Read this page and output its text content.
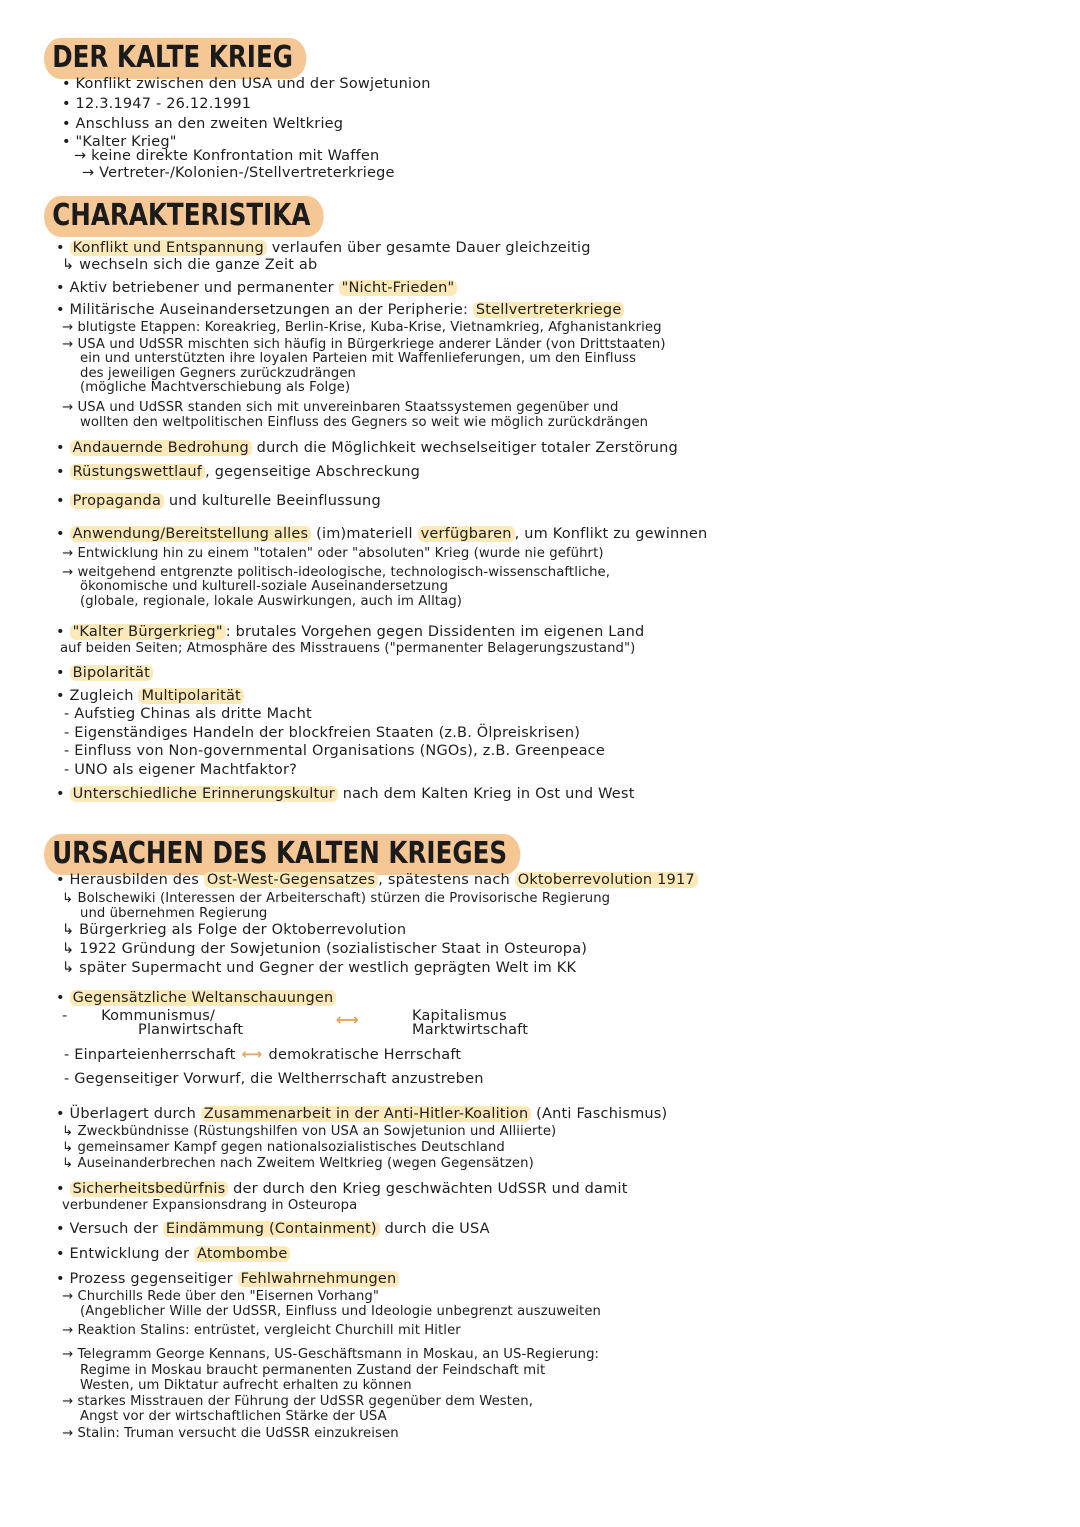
DER KALTE KRIEG
• Konflikt zwischen den USA und der Sowjetunion
• 12.3.1947 - 26.12.1991
• Anschluss an den zweiten Weltkrieg
• "Kalter Krieg"
→ keine direkte Konfrontation mit Waffen
→ Vertreter-/Kolonien-/Stellvertreterkriege
CHARAKTERISTIKA
• Konflikt und Entspannung verlaufen über gesamte Dauer gleichzeitig
↳ wechseln sich die ganze Zeit ab
• Aktiv betriebener und permanenter "Nicht-Frieden"
• Militärische Auseinandersetzungen an der Peripherie: Stellvertreterkriege
→ blutigste Etappen: Koreakrieg, Berlin-Krise, Kuba-Krise, Vietnamkrieg, Afghanistankrieg
→ USA und UdSSR mischten sich häufig in Bürgerkriege anderer Länder (von Drittstaaten)
ein und unterstützten ihre loyalen Parteien mit Waffenlieferungen, um den Einfluss
des jeweiligen Gegners zurückzudrängen
(mögliche Machtverschiebung als Folge)
→ USA und UdSSR standen sich mit unvereinbaren Staatssystemen gegenüber und
wollten den weltpolitischen Einfluss des Gegners so weit wie möglich zurückdrängen
• Andauernde Bedrohung durch die Möglichkeit wechselseitiger totaler Zerstörung
• Rüstungswettlauf , gegenseitige Abschreckung
• Propaganda und kulturelle Beeinflussung
• Anwendung/Bereitstellung alles (im)materiell verfügbaren , um Konflikt zu gewinnen
→ Entwicklung hin zu einem "totalen" oder "absoluten" Krieg (wurde nie geführt)
→ weitgehend entgrenzte politisch-ideologische, technologisch-wissenschaftliche,
ökonomische und kulturell-soziale Auseinandersetzung
(globale, regionale, lokale Auswirkungen, auch im Alltag)
• "Kalter Bürgerkrieg" : brutales Vorgehen gegen Dissidenten im eigenen Land
auf beiden Seiten; Atmosphäre des Misstrauens ("permanenter Belagerungszustand")
• Bipolarität
• Zugleich Multipolarität
- Aufstieg Chinas als dritte Macht
- Eigenständiges Handeln der blockfreien Staaten (z.B. Ölpreiskrisen)
- Einfluss von Non-governmental Organisations (NGOs), z.B. Greenpeace
- UNO als eigener Machtfaktor?
• Unterschiedliche Erinnerungskultur nach dem Kalten Krieg in Ost und West
URSACHEN DES KALTEN KRIEGES
• Herausbilden des Ost-West-Gegensatzes , spätestens nach Oktoberrevolution 1917
↳ Bolschewiki (Interessen der Arbeiterschaft) stürzen die Provisorische Regierung
und übernehmen Regierung
↳ Bürgerkrieg als Folge der Oktoberrevolution
↳ 1922 Gründung der Sowjetunion (sozialistischer Staat in Osteuropa)
↳ später Supermacht und Gegner der westlich geprägten Welt im KK
• Gegensätzliche Weltanschauungen
-       Kommunismus/	Kapitalismus
Planwirtschaft
⟷
Marktwirtschaft
- Einparteienherrschaft ⟷ demokratische Herrschaft
- Gegenseitiger Vorwurf, die Weltherrschaft anzustreben
• Überlagert durch Zusammenarbeit in der Anti-Hitler-Koalition (Anti Faschismus)
↳ Zweckbündnisse (Rüstungshilfen von USA an Sowjetunion und Alliierte)
↳ gemeinsamer Kampf gegen nationalsozialistisches Deutschland
↳ Auseinanderbrechen nach Zweitem Weltkrieg (wegen Gegensätzen)
• Sicherheitsbedürfnis der durch den Krieg geschwächten UdSSR und damit
verbundener Expansionsdrang in Osteuropa
• Versuch der Eindämmung (Containment) durch die USA
• Entwicklung der Atombombe
• Prozess gegenseitiger Fehlwahrnehmungen
→ Churchills Rede über den "Eisernen Vorhang"
(Angeblicher Wille der UdSSR, Einfluss und Ideologie unbegrenzt auszuweiten
→ Reaktion Stalins: entrüstet, vergleicht Churchill mit Hitler
→ Telegramm George Kennans, US-Geschäftsmann in Moskau, an US-Regierung:
Regime in Moskau braucht permanenten Zustand der Feindschaft mit
Westen, um Diktatur aufrecht erhalten zu können
→ starkes Misstrauen der Führung der UdSSR gegenüber dem Westen,
Angst vor der wirtschaftlichen Stärke der USA
→ Stalin: Truman versucht die UdSSR einzukreisen
